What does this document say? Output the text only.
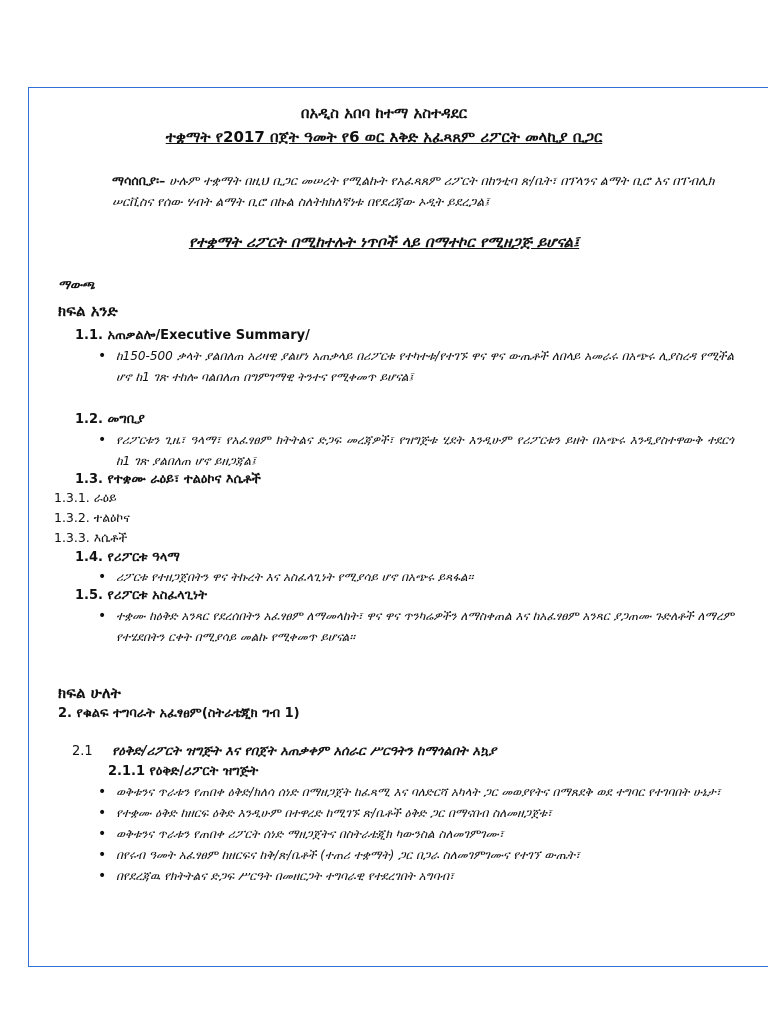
በአዲስ አበባ ከተማ አስተዳደር
ተቋማት የ2017 በጀት ዓመት የ6 ወር እቅድ አፈጻጸም ሪፖርት መላኪያ ቢጋር
ማሳሰቢያ፡– ሁሉም ተቋማት በዚህ ቢጋር መሠረት የሚልኩት የአፈጻጸም ሪፖርት በከንቲባ ጽ/ቤት፣ በፕላንና ልማት ቢሮ እና በፐብሊክ ሠርቪስና የሰው ሃብት ልማት ቢሮ በኩል ስለትክክለኛነቱ በየደረጃው ኦዲት ይደረጋል፤
የተቋማት ሪፖርት በሚከተሉት ነጥቦች ላይ በማተኮር የሚዘጋጅ ይሆናል፤
ማውጫ
ክፍል አንድ
1.1. አጠቃልሎ/Executive Summary/
• ከ150-500 ቃላት ያልበለጠ አሪዛዊ ያልሆነ አጠቃላይ በሪፖርቱ የተካተቱ/የተገኙ ዋና ዋና ውጤቶች ለበላይ አመራሩ በአጭሩ ሊያስረዳ የሚችል ሆኖ ከ1 ገጽ ተከሎ ባልበለጠ በግምገማዊ ትንተና የሚቀመጥ ይሆናል፤
1.2. መግቢያ
• የሪፖርቱን ጊዜ፣ ዓላማ፣ የአፈፃፀም ክትትልና ድጋፍ መረጃዎች፣ የዝግጅቱ ሂደት እንዲሁም የሪፖርቱን ይዘት በአጭሩ እንዲያስተዋውቅ ተደርጎ ከ1 ገጽ ያልበለጠ ሆኖ ይዘጋጃል፤
1.3. የተቋሙ ራዕይ፣ ተልዕኮና እሴቶች
1.3.1. ራዕይ
1.3.2. ተልዕኮና
1.3.3. እሴቶች
1.4. የሪፖርቱ ዓላማ
• ሪፖርቱ የተዘጋጀበትን ዋና ትኩረት እና አስፈላጊነት የሚያሳይ ሆኖ በአጭሩ ይጻፋል፡፡
1.5. የሪፖርቱ አስፈላጊነት
• ተቋሙ ከዕቅድ አንጻር የደረሰበትን አፈፃፀም ለማመላከት፣ ዋና ዋና ጥንካሬዎችን ለማስቀጠል እና ከአፈፃፀም አንጻር ያጋጠሙ ጉድለቶች ለማረም የተሄደበትን ርቀት በሚያሳይ መልኩ የሚቀመጥ ይሆናል፡፡
ክፍል ሁለት
2. የቁልፍ ተግባራት አፈፃፀም(ስትራቴጂክ ግብ 1)
2.1 የዕቅድ/ሪፖርት ዝግጅት እና የበጀት አጠቃቀም አሰራር ሥርዓትን ከማጎልበት አኳያ
2.1.1 የዕቅድ/ሪፖርት ዝግጅት
• ወቅቱንና ጥራቱን የጠበቀ ዕቅድ/ክለሳ ሰነድ በማዘጋጀት ከፈጻሚ እና ባለድርሻ አካላት ጋር መወያየትና በማጸደቅ ወደ ተግባር የተገባበት ሁኔታ፣
• የተቋሙ ዕቅድ ከዘርፍ ዕቅድ እንዲሁም በተዋረድ ከሚገኙ ጽ/ቤቶች ዕቅድ ጋር በማናበብ ስለመዘጋጀቱ፣
• ወቅቱንና ጥራቱን የጠበቀ ሪፖርት ሰነድ ማዘጋጀትና በስትራቴጂክ ካውንስል ስለመገምገሙ፣
• በየሩብ ዓመት አፈፃፀም ከዘርፍና ከቅ/ጽ/ቤቶች (ተጠሪ ተቋማት) ጋር በጋራ ስለመገምገሙና የተገኘ ውጤት፣
• በየደረጃዉ የክትትልና ድጋፍ ሥርዓት በመዘርጋት ተግባራዊ የተደረገበት አግባብ፣
